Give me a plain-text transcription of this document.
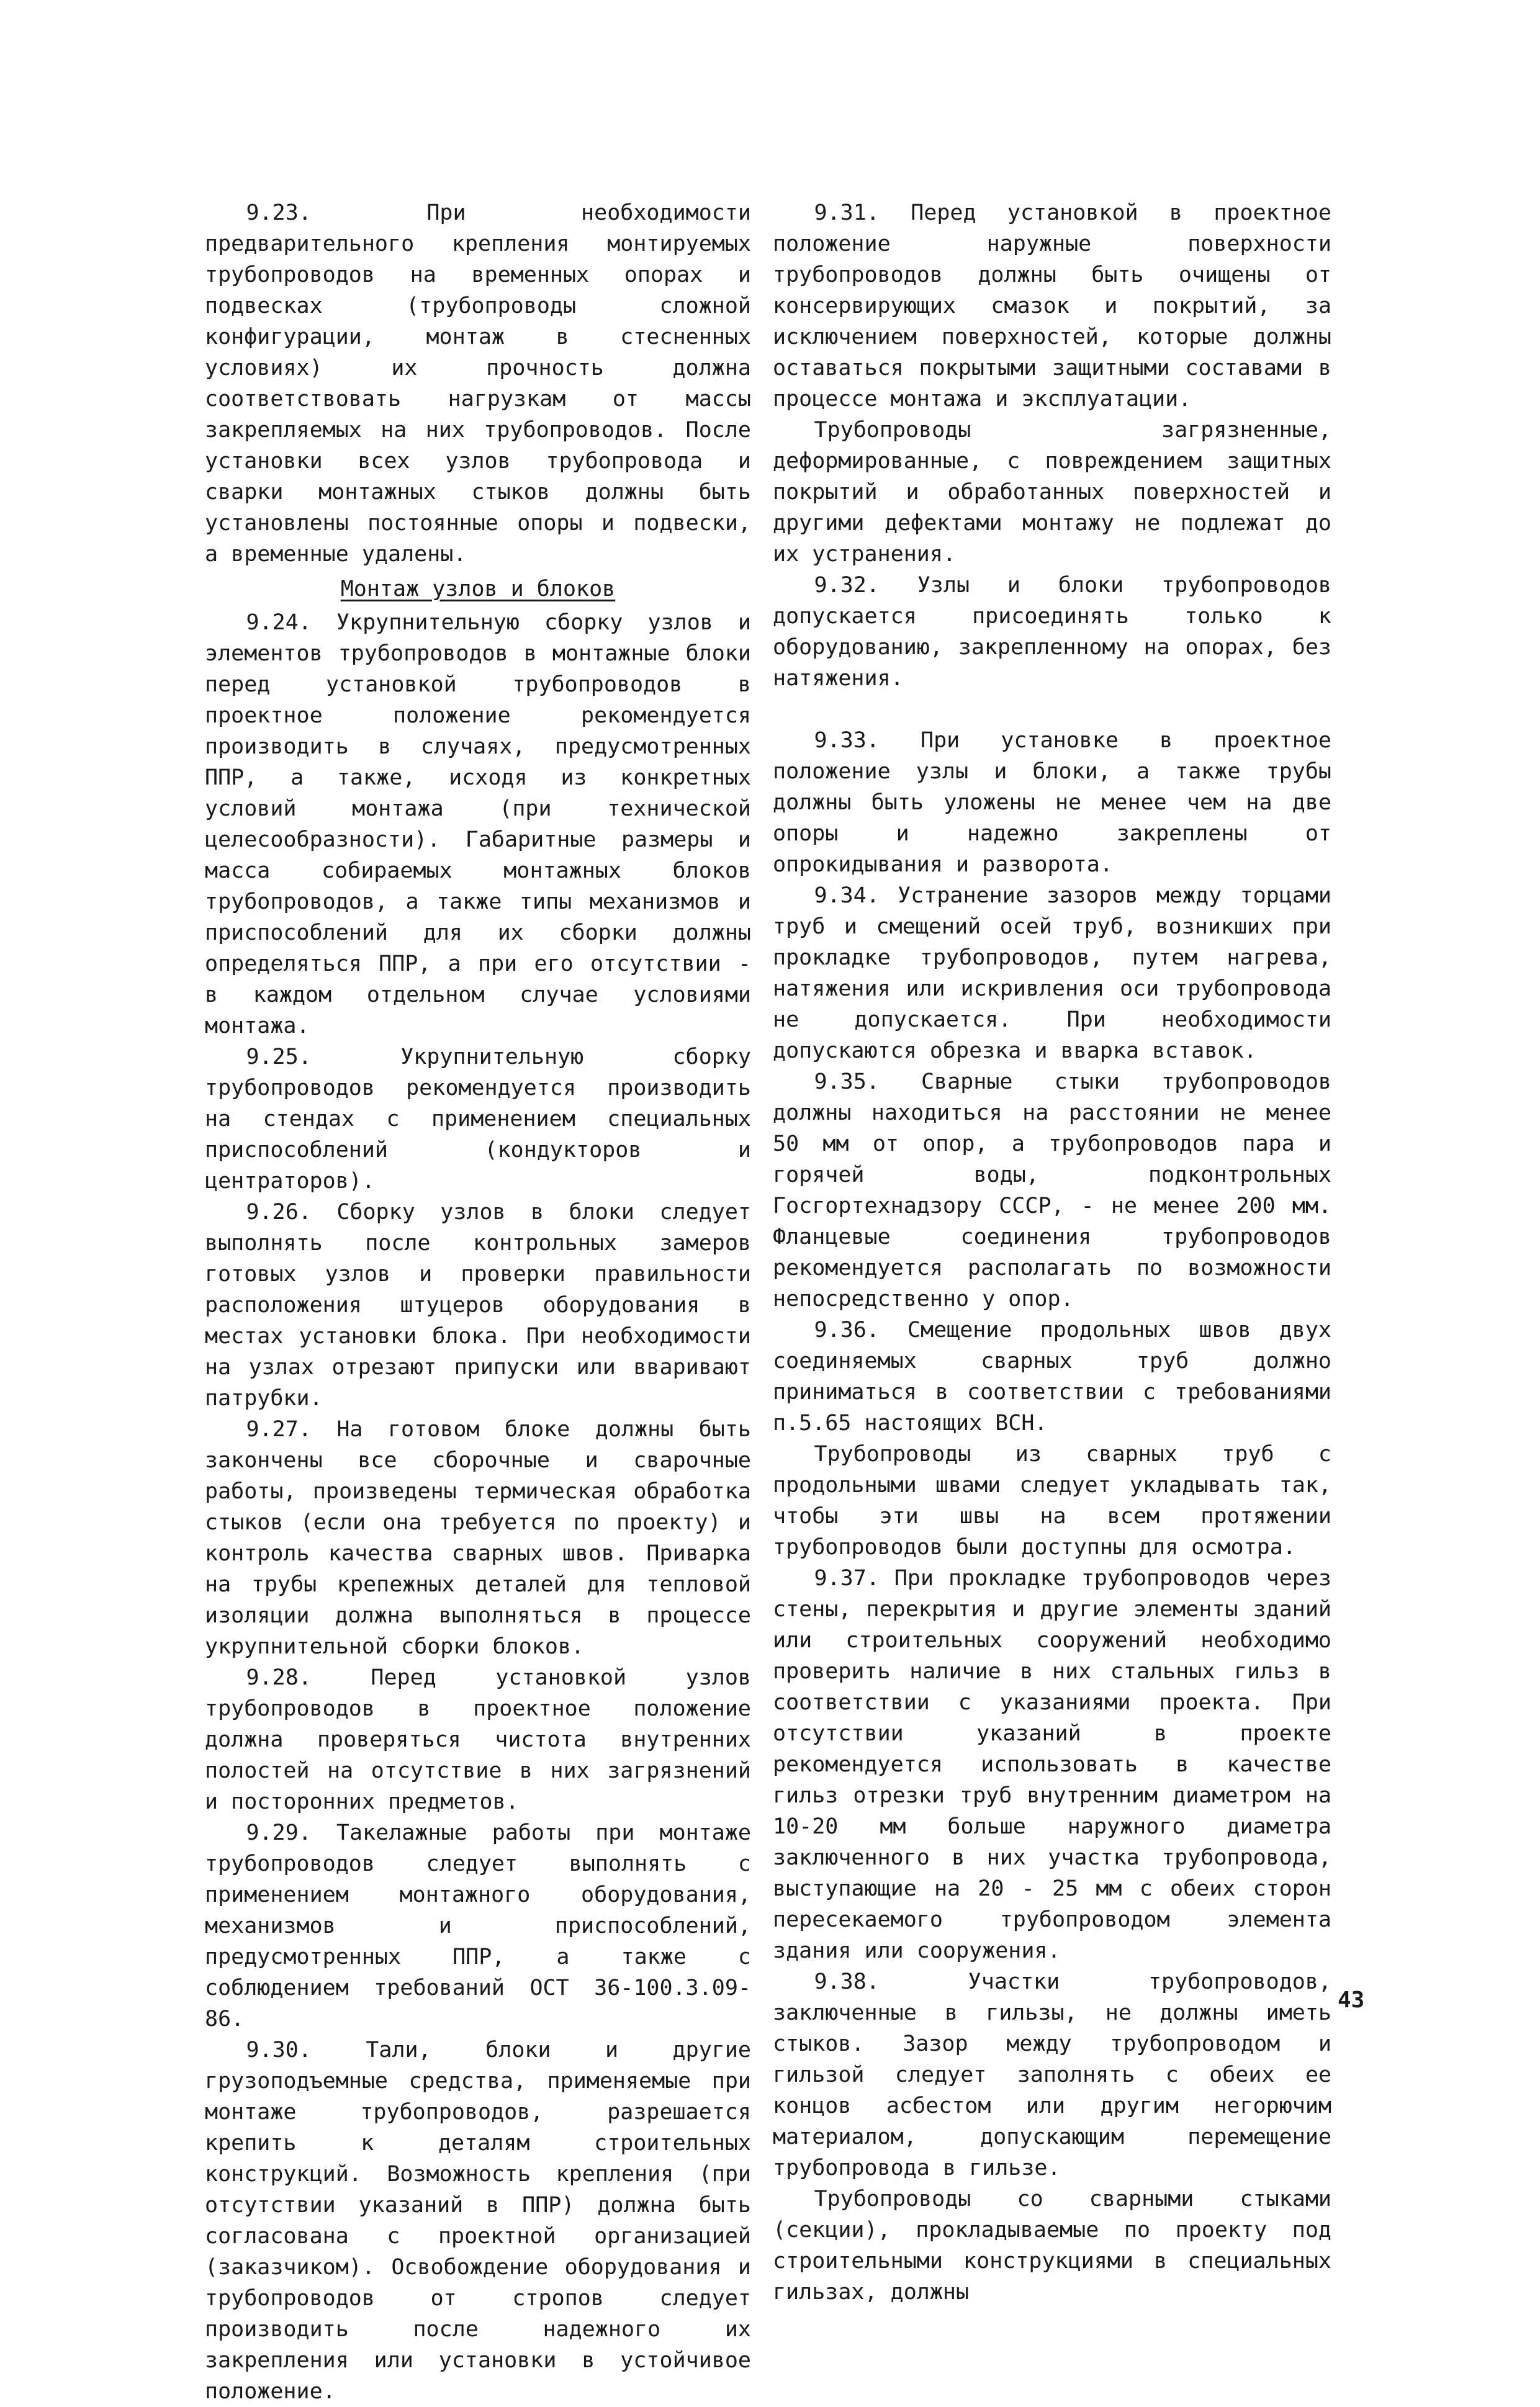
9.23. При необходимости предварительного крепления монтируемых трубопроводов на временных опорах и подвесках (трубопроводы сложной конфигурации, монтаж в стесненных условиях) их прочность должна соответствовать нагрузкам от массы закрепляемых на них трубопроводов. После установки всех узлов трубопровода и сварки монтажных стыков должны быть установлены постоянные опоры и подвески, а временные удалены.

Монтаж узлов и блоков

9.24. Укрупнительную сборку узлов и элементов трубопроводов в монтажные блоки перед установкой трубопроводов в проектное положение рекомендуется производить в случаях, предусмотренных ППР, а также, исходя из конкретных условий монтажа (при технической целесообразности). Габаритные размеры и масса собираемых монтажных блоков трубопроводов, а также типы механизмов и приспособлений для их сборки должны определяться ППР, а при его отсутствии - в каждом отдельном случае условиями монтажа.

9.25. Укрупнительную сборку трубопроводов рекомендуется производить на стендах с применением специальных приспособлений (кондукторов и центраторов).

9.26. Сборку узлов в блоки следует выполнять после контрольных замеров готовых узлов и проверки правильности расположения штуцеров оборудования в местах установки блока. При необходимости на узлах отрезают припуски или вваривают патрубки.

9.27. На готовом блоке должны быть закончены все сборочные и сварочные работы, произведены термическая обработка стыков (если она требуется по проекту) и контроль качества сварных швов. Приварка на трубы крепежных деталей для тепловой изоляции должна выполняться в процессе укрупнительной сборки блоков.

9.28. Перед установкой узлов трубопроводов в проектное положение должна проверяться чистота внутренних полостей на отсутствие в них загрязнений и посторонних предметов.

9.29. Такелажные работы при монтаже трубопроводов следует выполнять с применением монтажного оборудования, механизмов и приспособлений, предусмотренных ППР, а также с соблюдением требований ОСТ 36-100.3.09-86.

9.30. Тали, блоки и другие грузоподъемные средства, применяемые при монтаже трубопроводов, разрешается крепить к деталям строительных конструкций. Возможность крепления (при отсутствии указаний в ППР) должна быть согласована с проектной организацией (заказчиком). Освобождение оборудования и трубопроводов от стропов следует производить после надежного их закрепления или установки в устойчивое положение.

9.31. Перед установкой в проектное положение наружные поверхности трубопроводов должны быть очищены от консервирующих смазок и покрытий, за исключением поверхностей, которые должны оставаться покрытыми защитными составами в процессе монтажа и эксплуатации.

Трубопроводы загрязненные, деформированные, с повреждением защитных покрытий и обработанных поверхностей и другими дефектами монтажу не подлежат до их устранения.

9.32. Узлы и блоки трубопроводов допускается присоединять только к оборудованию, закрепленному на опорах, без натяжения.

9.33. При установке в проектное положение узлы и блоки, а также трубы должны быть уложены не менее чем на две опоры и надежно закреплены от опрокидывания и разворота.

9.34. Устранение зазоров между торцами труб и смещений осей труб, возникших при прокладке трубопроводов, путем нагрева, натяжения или искривления оси трубопровода не допускается. При необходимости допускаются обрезка и вварка вставок.

9.35. Сварные стыки трубопроводов должны находиться на расстоянии не менее 50 мм от опор, а трубопроводов пара и горячей воды, подконтрольных Госгортехнадзору СССР, - не менее 200 мм. Фланцевые соединения трубопроводов рекомендуется располагать по возможности непосредственно у опор.

9.36. Смещение продольных швов двух соединяемых сварных труб должно приниматься в соответствии с требованиями п.5.65 настоящих ВСН.

Трубопроводы из сварных труб с продольными швами следует укладывать так, чтобы эти швы на всем протяжении трубопроводов были доступны для осмотра.

9.37. При прокладке трубопроводов через стены, перекрытия и другие элементы зданий или строительных сооружений необходимо проверить наличие в них стальных гильз в соответствии с указаниями проекта. При отсутствии указаний в проекте рекомендуется использовать в качестве гильз отрезки труб внутренним диаметром на 10-20 мм больше наружного диаметра заключенного в них участка трубопровода, выступающие на 20 - 25 мм с обеих сторон пересекаемого трубопроводом элемента здания или сооружения.

9.38. Участки трубопроводов, заключенные в гильзы, не должны иметь стыков. Зазор между трубопроводом и гильзой следует заполнять с обеих ее концов асбестом или другим негорючим материалом, допускающим перемещение трубопровода в гильзе.

Трубопроводы со сварными стыками (секции), прокладываемые по проекту под строительными конструкциями в специальных гильзах, должны

43
